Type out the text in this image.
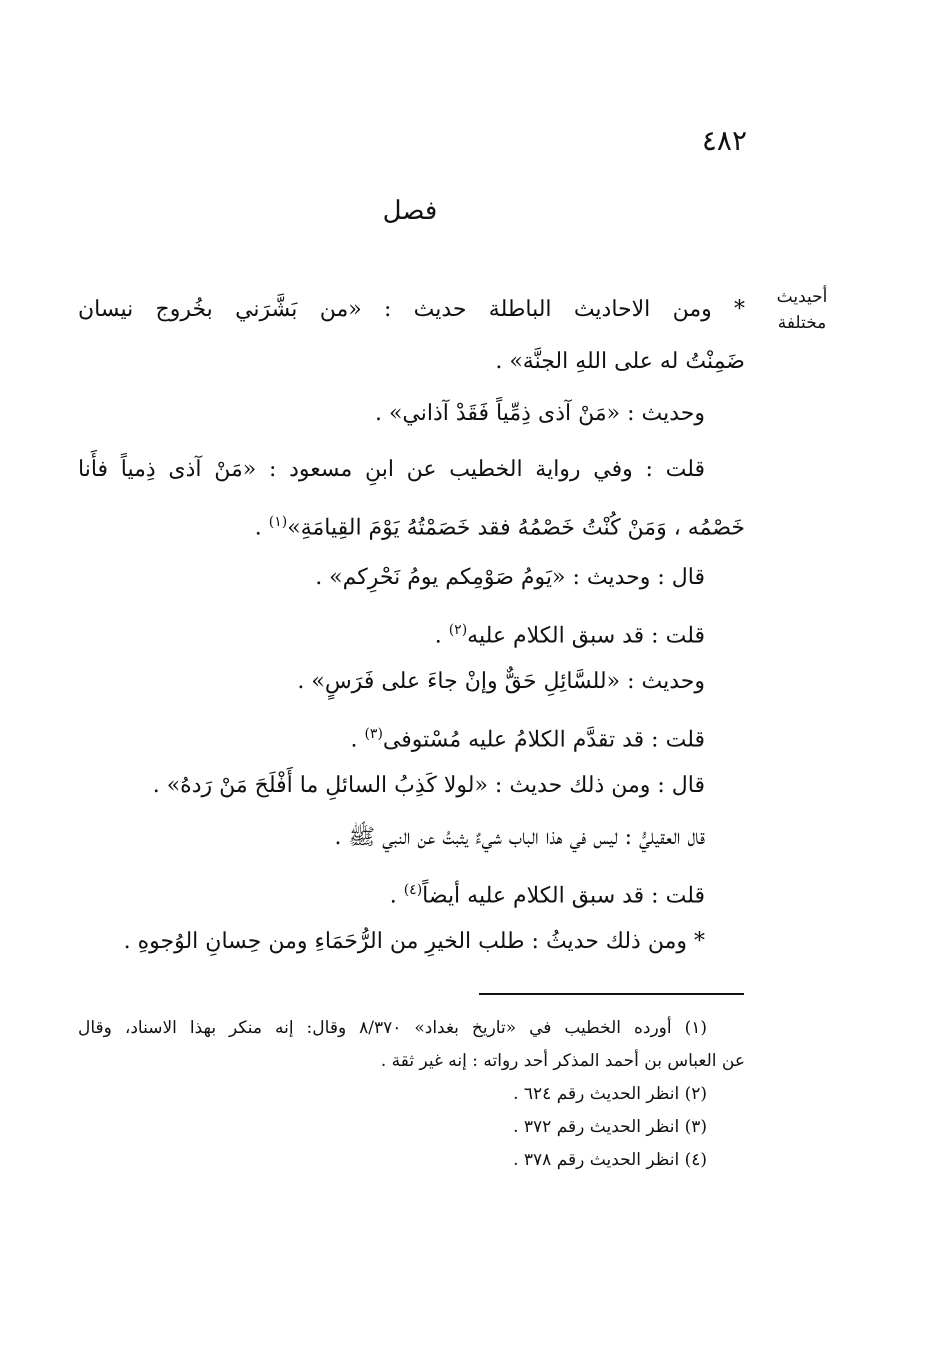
٤٨٢
فصل
أحيديث
مختلفة
* ومن الاحاديث الباطلة حديث : «من بَشَّرَني بخُروج نيسان
ضَمِنْتُ له على اللهِ الجنَّة» .
وحديث : «مَنْ آذى ذِمِّياً فَقَدْ آذاني» .
قلت : وفي رواية الخطيب عن ابنِ مسعود : «مَنْ آذى ذِمياً فأَنا
خَصْمُه ، وَمَنْ كُنْتُ خَصْمُهُ فقد خَصَمْتُهُ يَوْمَ القِيامَةِ»$^{(١)}$ .
قال : وحديث : «يَومُ صَوْمِكم يومُ نَحْرِكم» .
قلت : قد سبق الكلام عليه$^{(٢)}$ .
وحديث : «للسَّائِلِ حَقٌّ وإنْ جاءَ على فَرَسٍ» .
قلت : قد تقدَّم الكلامُ عليه مُسْتوفى$^{(٣)}$ .
قال : ومن ذلك حديث : «لولا كَذِبُ السائلِ ما أَفْلَحَ مَنْ رَدهُ» .
قال العقيليُّ : ليس في هذا الباب شيءٌ يثبتُ عن النبي ﷺ .
قلت : قد سبق الكلام عليه أيضاً$^{(٤)}$ .
* ومن ذلك حديثُ : طلب الخيرِ من الرُّحَمَاءِ ومن حِسانِ الوُجوهِ .
(١) أورده الخطيب في «تاريخ بغداد» ٨/٣٧٠ وقال: إنه منكر بهذا الاسناد، وقال
عن العباس بن أحمد المذكر أحد رواته : إنه غير ثقة .
(٢) انظر الحديث رقم ٦٢٤ .
(٣) انظر الحديث رقم ٣٧٢ .
(٤) انظر الحديث رقم ٣٧٨ .
